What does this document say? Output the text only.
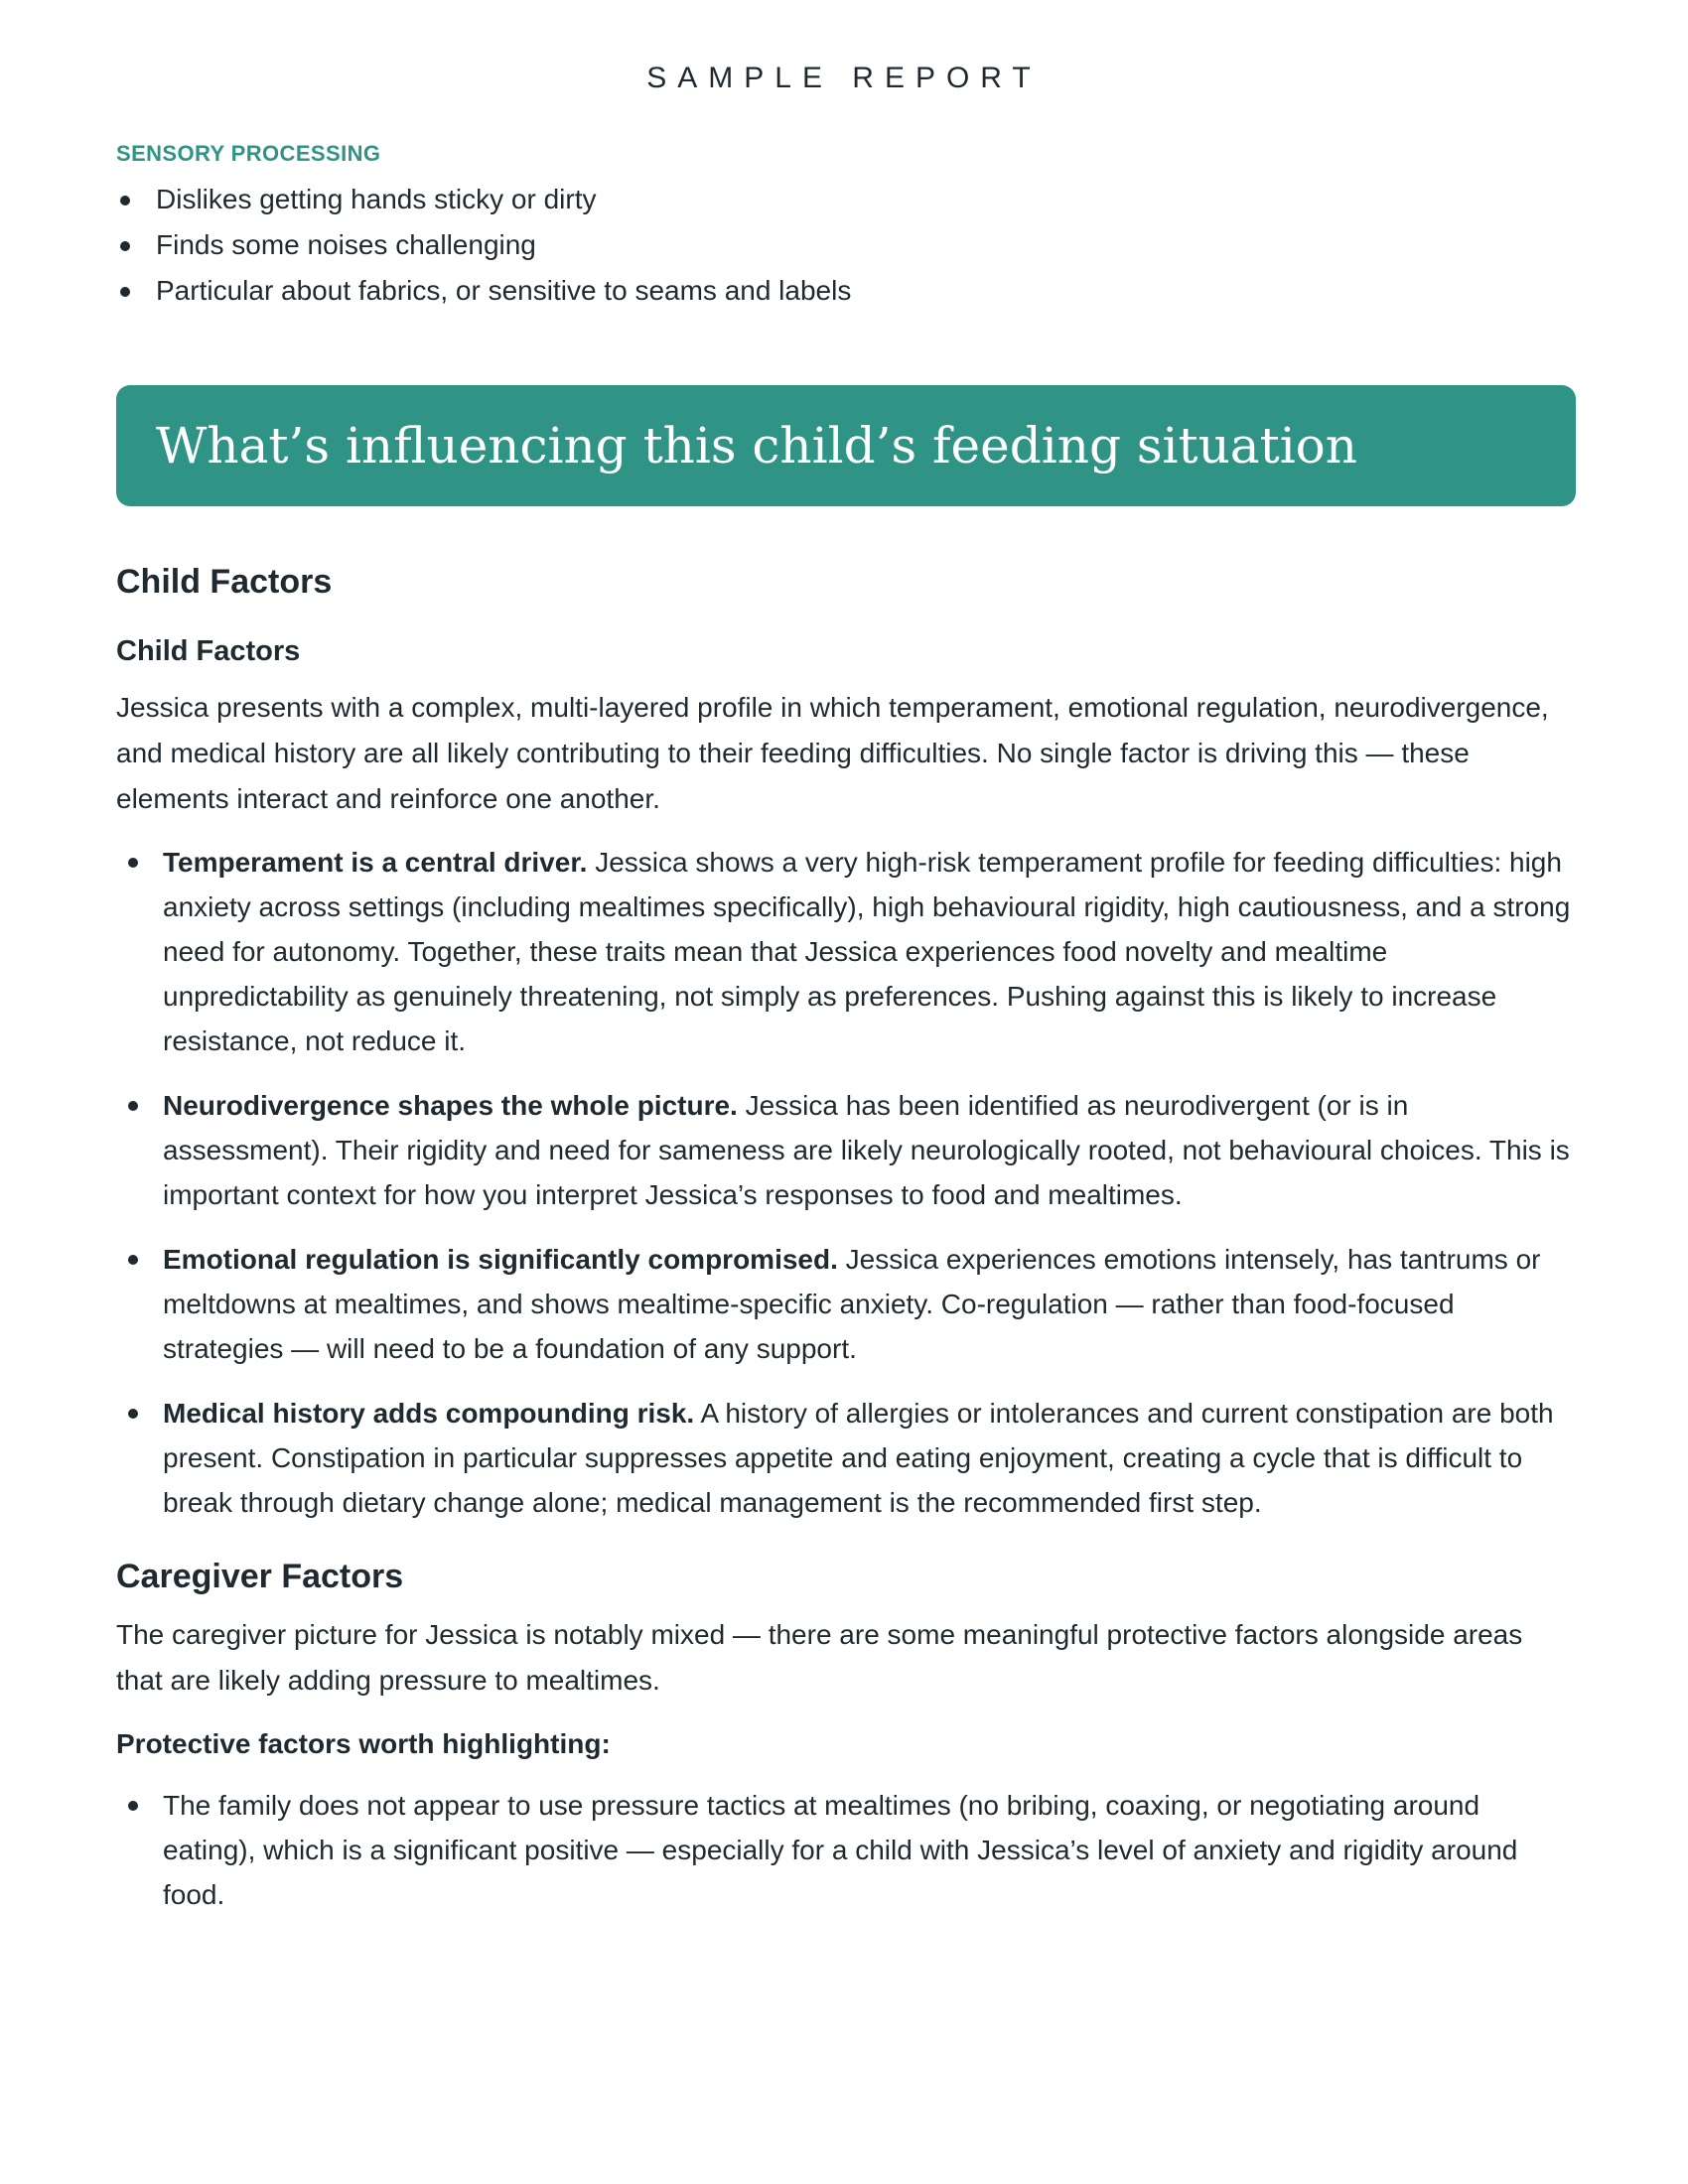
SAMPLE REPORT
SENSORY PROCESSING
Dislikes getting hands sticky or dirty
Finds some noises challenging
Particular about fabrics, or sensitive to seams and labels
What’s influencing this child’s feeding situation
Child Factors
Child Factors

Jessica presents with a complex, multi-layered profile in which temperament, emotional regulation, neurodivergence, and medical history are all likely contributing to their feeding difficulties. No single factor is driving this — these elements interact and reinforce one another.

Temperament is a central driver. Jessica shows a very high-risk temperament profile for feeding difficulties: high anxiety across settings (including mealtimes specifically), high behavioural rigidity, high cautiousness, and a strong need for autonomy. Together, these traits mean that Jessica experiences food novelty and mealtime unpredictability as genuinely threatening, not simply as preferences. Pushing against this is likely to increase resistance, not reduce it.
Neurodivergence shapes the whole picture. Jessica has been identified as neurodivergent (or is in assessment). Their rigidity and need for sameness are likely neurologically rooted, not behavioural choices. This is important context for how you interpret Jessica’s responses to food and mealtimes.
Emotional regulation is significantly compromised. Jessica experiences emotions intensely, has tantrums or meltdowns at mealtimes, and shows mealtime-specific anxiety. Co-regulation — rather than food-focused strategies — will need to be a foundation of any support.
Medical history adds compounding risk. A history of allergies or intolerances and current constipation are both present. Constipation in particular suppresses appetite and eating enjoyment, creating a cycle that is difficult to break through dietary change alone; medical management is the recommended first step.
Caregiver Factors

The caregiver picture for Jessica is notably mixed — there are some meaningful protective factors alongside areas that are likely adding pressure to mealtimes.

Protective factors worth highlighting:
The family does not appear to use pressure tactics at mealtimes (no bribing, coaxing, or negotiating around eating), which is a significant positive — especially for a child with Jessica’s level of anxiety and rigidity around food.
